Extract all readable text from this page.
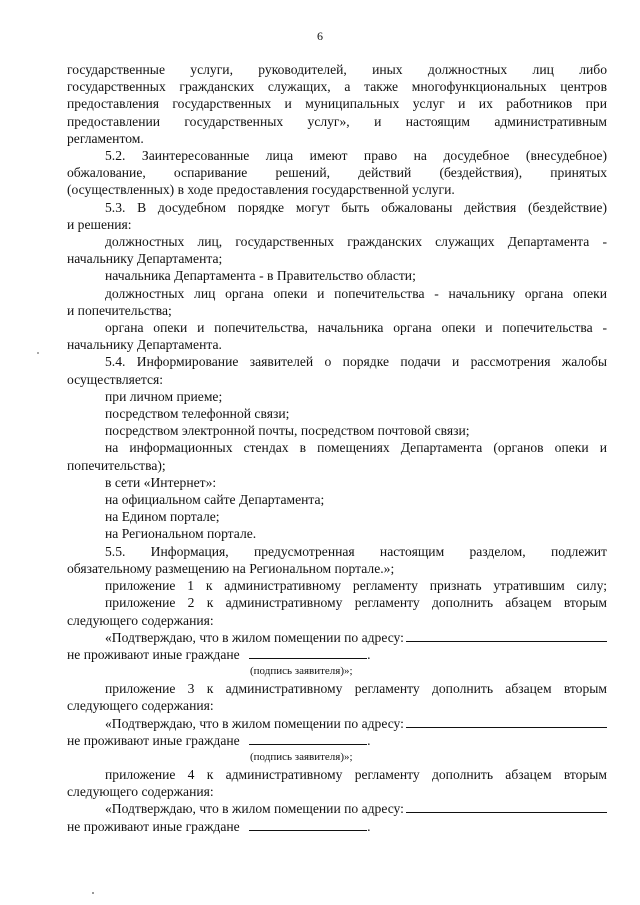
6

государственные услуги, руководителей, иных должностных лиц либо

государственных гражданских служащих, а также многофункциональных центров

предоставления государственных и муниципальных услуг и их работников при

предоставлении государственных услуг», и настоящим административным

регламентом.

5.2. Заинтересованные лица имеют право на досудебное (внесудебное)

обжалование, оспаривание решений, действий (бездействия), принятых

(осуществленных) в ходе предоставления государственной услуги.

5.3. В досудебном порядке могут быть обжалованы действия (бездействие)

и решения:

должностных лиц, государственных гражданских служащих Департамента -

начальнику Департамента;

начальника Департамента - в Правительство области;

должностных лиц органа опеки и попечительства - начальнику органа опеки

и попечительства;

органа опеки и попечительства, начальника органа опеки и попечительства -

начальнику Департамента.

5.4. Информирование заявителей о порядке подачи и рассмотрения жалобы

осуществляется:

при личном приеме;

посредством телефонной связи;

посредством электронной почты, посредством почтовой связи;

на информационных стендах в помещениях Департамента (органов опеки и

попечительства);

в сети «Интернет»:

на официальном сайте Департамента;

на Едином портале;

на Региональном портале.

5.5. Информация, предусмотренная настоящим разделом, подлежит

обязательному размещению на Региональном портале.»;

приложение 1 к административному регламенту признать утратившим силу;

приложение 2 к административному регламенту дополнить абзацем вторым

следующего содержания:

«Подтверждаю, что в жилом помещении по адресу:

не проживают иные граждане	.

(подпись заявителя)»;

приложение 3 к административному регламенту дополнить абзацем вторым

следующего содержания:

«Подтверждаю, что в жилом помещении по адресу:

не проживают иные граждане	.

(подпись заявителя)»;

приложение 4 к административному регламенту дополнить абзацем вторым

следующего содержания:

«Подтверждаю, что в жилом помещении по адресу:

не проживают иные граждане	.
